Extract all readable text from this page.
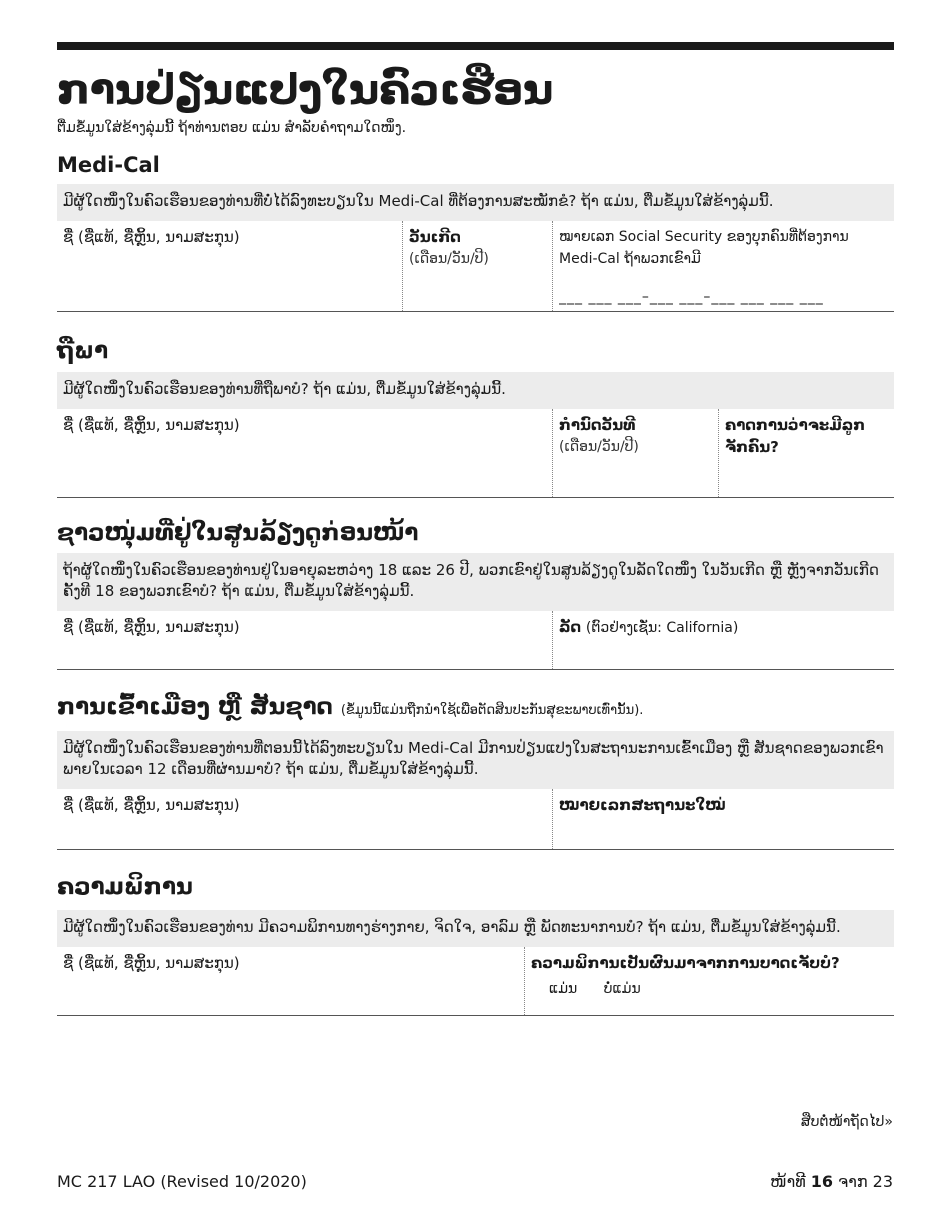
ການປ່ຽນແປງໃນຄົວເຮືອນ
ຕື່ມຂໍ້ມູນໃສ່ຂ້າງລຸ່ມນີ້ ຖ້າທ່ານຕອບ ແມ່ນ ສໍາລັບຄໍາຖາມໃດໜຶ່ງ.
Medi-Cal
ມີຜູ້ໃດໜຶ່ງໃນຄົວເຮືອນຂອງທ່ານທີ່ບໍ່ໄດ້ລົງທະບຽນໃນ Medi-Cal ທີ່ຕ້ອງການສະໝັກຂໍ? ຖ້າ ແມ່ນ, ຕື່ມຂໍ້ມູນໃສ່ຂ້າງລຸ່ມນີ້.
ຊື່ (ຊື່ແທ້, ຊື່ຫຼິ້ນ, ນາມສະກຸນ)	ວັນເກີດ
(ເດືອນ/ວັນ/ປີ)
ໝາຍເລກ Social Security ຂອງບຸກຄົນທີ່ຕ້ອງການ Medi-Cal ຖ້າພວກເຂົາມີ
___ ___ ___–___ ___–___ ___ ___ ___
ຖືພາ
ມີຜູ້ໃດໜຶ່ງໃນຄົວເຮືອນຂອງທ່ານທີ່ຖືພາບໍ? ຖ້າ ແມ່ນ, ຕື່ມຂໍ້ມູນໃສ່ຂ້າງລຸ່ມນີ້.
ຊື່ (ຊື່ແທ້, ຊື່ຫຼິ້ນ, ນາມສະກຸນ)	ກຳນົດວັນທີ
(ເດືອນ/ວັນ/ປີ)
ຄາດການວ່າຈະມີລູກຈັກຄົນ?
ຊາວໜຸ່ມທີ່ຢູ່ໃນສູນລ້ຽງດູກ່ອນໜ້າ
ຖ້າຜູ້ໃດໜຶ່ງໃນຄົວເຮືອນຂອງທ່ານຢູ່ໃນອາຍຸລະຫວ່າງ 18 ແລະ 26 ປີ, ພວກເຂົາຢູ່ໃນສູນລ້ຽງດູໃນລັດໃດໜຶ່ງ ໃນວັນເກີດ ຫຼື ຫຼັງຈາກວັນເກີດຄັ້ງທີ 18 ຂອງພວກເຂົາບໍ? ຖ້າ ແມ່ນ, ຕື່ມຂໍ້ມູນໃສ່ຂ້າງລຸ່ມນີ້.
ຊື່ (ຊື່ແທ້, ຊື່ຫຼິ້ນ, ນາມສະກຸນ)	ລັດ (ຕົວຢ່າງເຊັ່ນ: California)
ການເຂົ້າເມືອງ ຫຼື ສັນຊາດ (ຂໍ້ມູນນີ້ແມ່ນຖືກນໍາໃຊ້ເພື່ອຕັດສິນປະກັນສຸຂະພາບເທົ່ານັ້ນ).
ມີຜູ້ໃດໜຶ່ງໃນຄົວເຮືອນຂອງທ່ານທີ່ຕອນນີ້ໄດ້ລົງທະບຽນໃນ Medi-Cal ມີການປ່ຽນແປງໃນສະຖານະການເຂົ້າເມືອງ ຫຼື ສັນຊາດຂອງພວກເຂົາພາຍໃນເວລາ 12 ເດືອນທີ່ຜ່ານມາບໍ? ຖ້າ ແມ່ນ, ຕື່ມຂໍ້ມູນໃສ່ຂ້າງລຸ່ມນີ້.
ຊື່ (ຊື່ແທ້, ຊື່ຫຼິ້ນ, ນາມສະກຸນ)	ໝາຍເລກສະຖານະໃໝ່
ຄວາມພິການ
ມີຜູ້ໃດໜຶ່ງໃນຄົວເຮືອນຂອງທ່ານ ມີຄວາມພິການທາງຮ່າງກາຍ, ຈິດໃຈ, ອາລົມ ຫຼື ພັດທະນາການບໍ? ຖ້າ ແມ່ນ, ຕື່ມຂໍ້ມູນໃສ່ຂ້າງລຸ່ມນີ້.
ຊື່ (ຊື່ແທ້, ຊື່ຫຼິ້ນ, ນາມສະກຸນ)	ຄວາມພິການເປັນຜົນມາຈາກການບາດເຈັບບໍ?
ແມ່ນ ບໍ່ແມ່ນ
ສືບຕໍ່ໜ້າຖັດໄປ»
MC 217 LAO (Revised 10/2020)	ໜ້າທີ 16 ຈາກ 23
